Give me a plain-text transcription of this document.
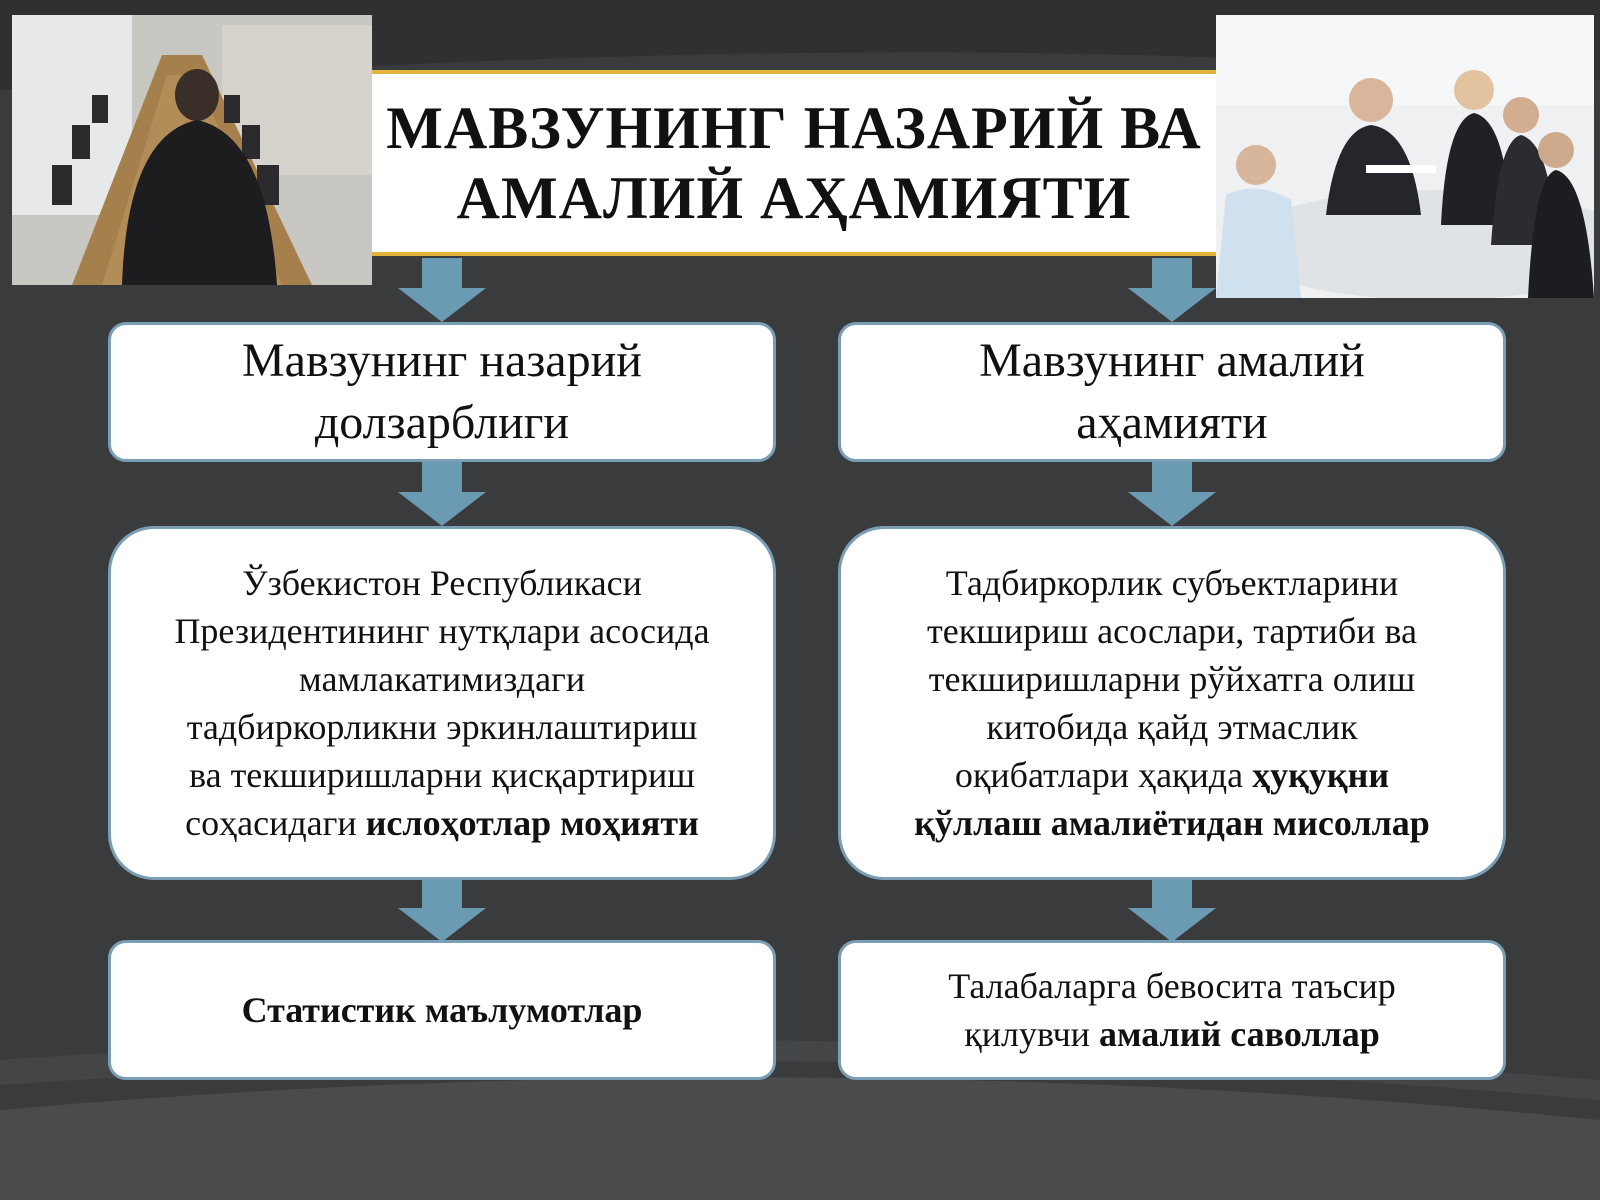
МАВЗУНИНГ НАЗАРИЙ ВА
АМАЛИЙ АҲАМИЯТИ
Мавзунинг назарий
долзарблиги
Ўзбекистон Республикаси
Президентининг нутқлари асосида
мамлакатимиздаги
тадбиркорликни эркинлаштириш
ва текширишларни қисқартириш
соҳасидаги ислоҳотлар моҳияти
Статистик маълумотлар
Мавзунинг амалий
аҳамияти
Тадбиркорлик субъектларини
текшириш асослари, тартиби ва
текширишларни рўйхатга олиш
китобида қайд этмаслик
оқибатлари ҳақида ҳуқуқни
қўллаш амалиётидан мисоллар
Талабаларга бевосита таъсир
қилувчи амалий саволлар
